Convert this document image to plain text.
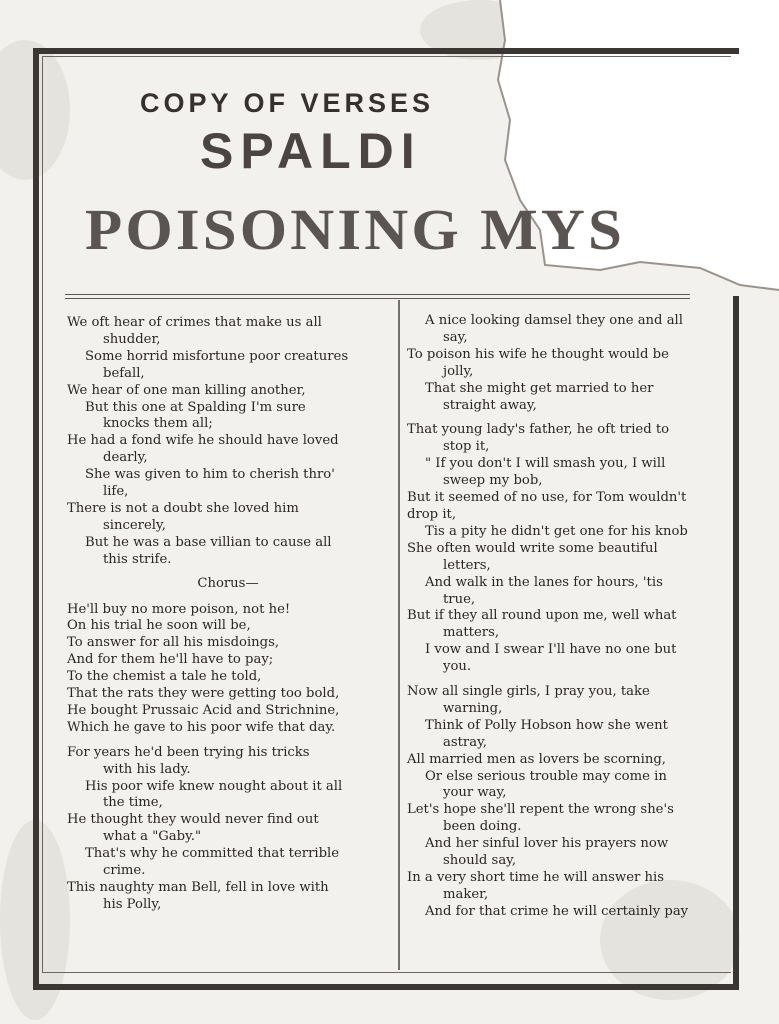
COPY OF VERSES
SPALDI
POISONING MYS

We oft hear of crimes that make us all

shudder,

Some horrid misfortune poor creatures

befall,

We hear of one man killing another,

But this one at Spalding I'm sure

knocks them all;

He had a fond wife he should have loved

dearly,

She was given to him to cherish thro'

life,

There is not a doubt she loved him

sincerely,

But he was a base villian to cause all

this strife.

Chorus—

He'll buy no more poison, not he!

On his trial he soon will be,

To answer for all his misdoings,

And for them he'll have to pay;

To the chemist a tale he told,

That the rats they were getting too bold,

He bought Prussaic Acid and Strichnine,

Which he gave to his poor wife that day.

For years he'd been trying his tricks

with his lady.

His poor wife knew nought about it all

the time,

He thought they would never find out

what a "Gaby."

That's why he committed that terrible

crime.

This naughty man Bell, fell in love with

his Polly,

A nice looking damsel they one and all

say,

To poison his wife he thought would be

jolly,

That she might get married to her

straight away,

That young lady's father, he oft tried to

stop it,

" If you don't I will smash you, I will

sweep my bob,

But it seemed of no use, for Tom wouldn't

drop it,

Tis a pity he didn't get one for his knob

She often would write some beautiful

letters,

And walk in the lanes for hours, 'tis

true,

But if they all round upon me, well what

matters,

I vow and I swear I'll have no one but

you.

Now all single girls, I pray you, take

warning,

Think of Polly Hobson how she went

astray,

All married men as lovers be scorning,

Or else serious trouble may come in

your way,

Let's hope she'll repent the wrong she's

been doing.

And her sinful lover his prayers now

should say,

In a very short time he will answer his

maker,

And for that crime he will certainly pay
